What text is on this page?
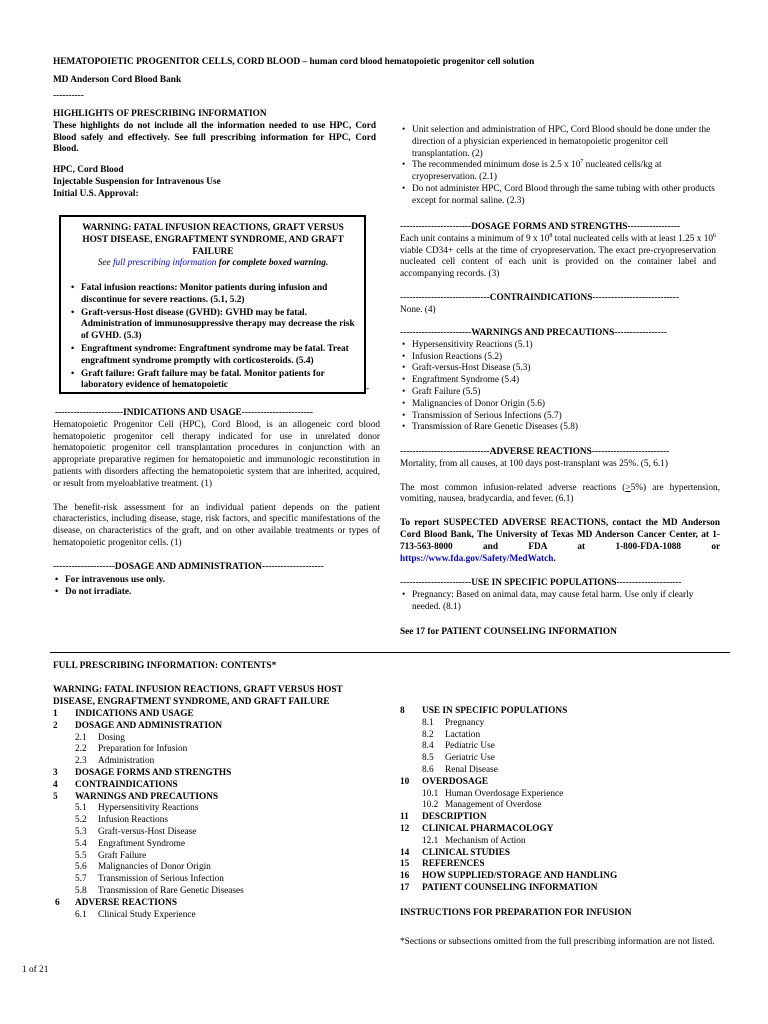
HEMATOPOIETIC PROGENITOR CELLS, CORD BLOOD – human cord blood hematopoietic progenitor cell solution
MD Anderson Cord Blood Bank
----------

HIGHLIGHTS OF PRESCRIBING INFORMATION

These highlights do not include all the information needed to use HPC, Cord Blood safely and effectively. See full prescribing information for HPC, Cord Blood.

HPC, Cord Blood

Injectable Suspension for Intravenous Use

Initial U.S. Approval:

WARNING: FATAL INFUSION REACTIONS, GRAFT VERSUS HOST DISEASE, ENGRAFTMENT SYNDROME, AND GRAFT FAILURE

See full prescribing information for complete boxed warning.

• Fatal infusion reactions: Monitor patients during infusion and discontinue for severe reactions. (5.1, 5.2)

• Graft-versus-Host disease (GVHD): GVHD may be fatal. Administration of immunosuppressive therapy may decrease the risk of GVHD. (5.3)

• Engraftment syndrome: Engraftment syndrome may be fatal. Treat engraftment syndrome promptly with corticosteroids. (5.4)

• Graft failure: Graft failure may be fatal. Monitor patients for laboratory evidence of hematopoietic	-

----------------------INDICATIONS AND USAGE-----------------------

Hematopoietic Progenitor Cell (HPC), Cord Blood, is an allogeneic cord blood hematopoietic progenitor cell therapy indicated for use in unrelated donor hematopoietic progenitor cell transplantation procedures in conjunction with an appropriate preparative regimen for hematopoietic and immunologic reconstitution in patients with disorders affecting the hematopoietic system that are inherited, acquired, or result from myeloablative treatment. (1)

The benefit-risk assessment for an individual patient depends on the patient characteristics, including disease, stage, risk factors, and specific manifestations of the disease, on characteristics of the graft, and on other available treatments or types of hematopoietic progenitor cells. (1)

--------------------DOSAGE AND ADMINISTRATION--------------------

• For intravenous use only.

• Do not irradiate.

• Unit selection and administration of HPC, Cord Blood should be done under the direction of a physician experienced in hematopoietic progenitor cell transplantation. (2)

• The recommended minimum dose is 2.5 x $10^7$ nucleated cells/kg at cryopreservation. (2.1)

• Do not administer HPC, Cord Blood through the same tubing with other products except for normal saline. (2.3)

-----------------------DOSAGE FORMS AND STRENGTHS-----------------

Each unit contains a minimum of 9 x $10^8$ total nucleated cells with at least 1.25 x $10^6$ viable CD34+ cells at the time of cryopreservation. The exact pre-cryopreservation nucleated cell content of each unit is provided on the container label and accompanying records. (3)

-----------------------------CONTRAINDICATIONS----------------------------

None. (4)

-----------------------WARNINGS AND PRECAUTIONS-----------------

• Hypersensitivity Reactions (5.1)

• Infusion Reactions (5.2)

• Graft-versus-Host Disease (5.3)

• Engraftment Syndrome (5.4)

• Graft Failure (5.5)

• Malignancies of Donor Origin (5.6)

• Transmission of Serious Infections (5.7)

• Transmission of Rare Genetic Diseases (5.8)

-----------------------------ADVERSE REACTIONS-------------------------

Mortality, from all causes, at 100 days post-transplant was 25%. (5, 6.1)

The most common infusion-related adverse reactions (>5%) are hypertension, vomiting, nausea, bradycardia, and fever. (6.1)

To report SUSPECTED ADVERSE REACTIONS, contact the MD Anderson Cord Blood Bank, The University of Texas MD Anderson Cancer Center, at 1-713-563-8000 and FDA at 1-800-FDA-1088 or https://www.fda.gov/Safety/MedWatch.

-----------------------USE IN SPECIFIC POPULATIONS---------------------

• Pregnancy: Based on animal data, may cause fetal harm. Use only if clearly needed. (8.1)

See 17 for PATIENT COUNSELING INFORMATION
FULL PRESCRIBING INFORMATION: CONTENTS*
WARNING: FATAL INFUSION REACTIONS, GRAFT VERSUS HOST DISEASE, ENGRAFTMENT SYNDROME, AND GRAFT FAILURE
1	INDICATIONS AND USAGE
2	DOSAGE AND ADMINISTRATION
2.1	Dosing
2.2	Preparation for Infusion
2.3	Administration
3	DOSAGE FORMS AND STRENGTHS
4	CONTRAINDICATIONS
5	WARNINGS AND PRECAUTIONS
5.1	Hypersensitivity Reactions
5.2	Infusion Reactions
5.3	Graft-versus-Host Disease
5.4	Engraftment Syndrome
5.5	Graft Failure
5.6	Malignancies of Donor Origin
5.7	Transmission of Serious Infection
5.8	Transmission of Rare Genetic Diseases
6	ADVERSE REACTIONS
6.1	Clinical Study Experience
8	USE IN SPECIFIC POPULATIONS
8.1	Pregnancy
8.2	Lactation
8.4	Pediatric Use
8.5	Geriatric Use
8.6	Renal Disease
10	OVERDOSAGE
10.1 Human Overdosage Experience
10.2 Management of Overdose
11	DESCRIPTION
12	CLINICAL PHARMACOLOGY
12.1 Mechanism of Action
14	CLINICAL STUDIES
15	REFERENCES
16	HOW SUPPLIED/STORAGE AND HANDLING
17	PATIENT COUNSELING INFORMATION
INSTRUCTIONS FOR PREPARATION FOR INFUSION

*Sections or subsections omitted from the full prescribing information are not listed.

1 of 21
